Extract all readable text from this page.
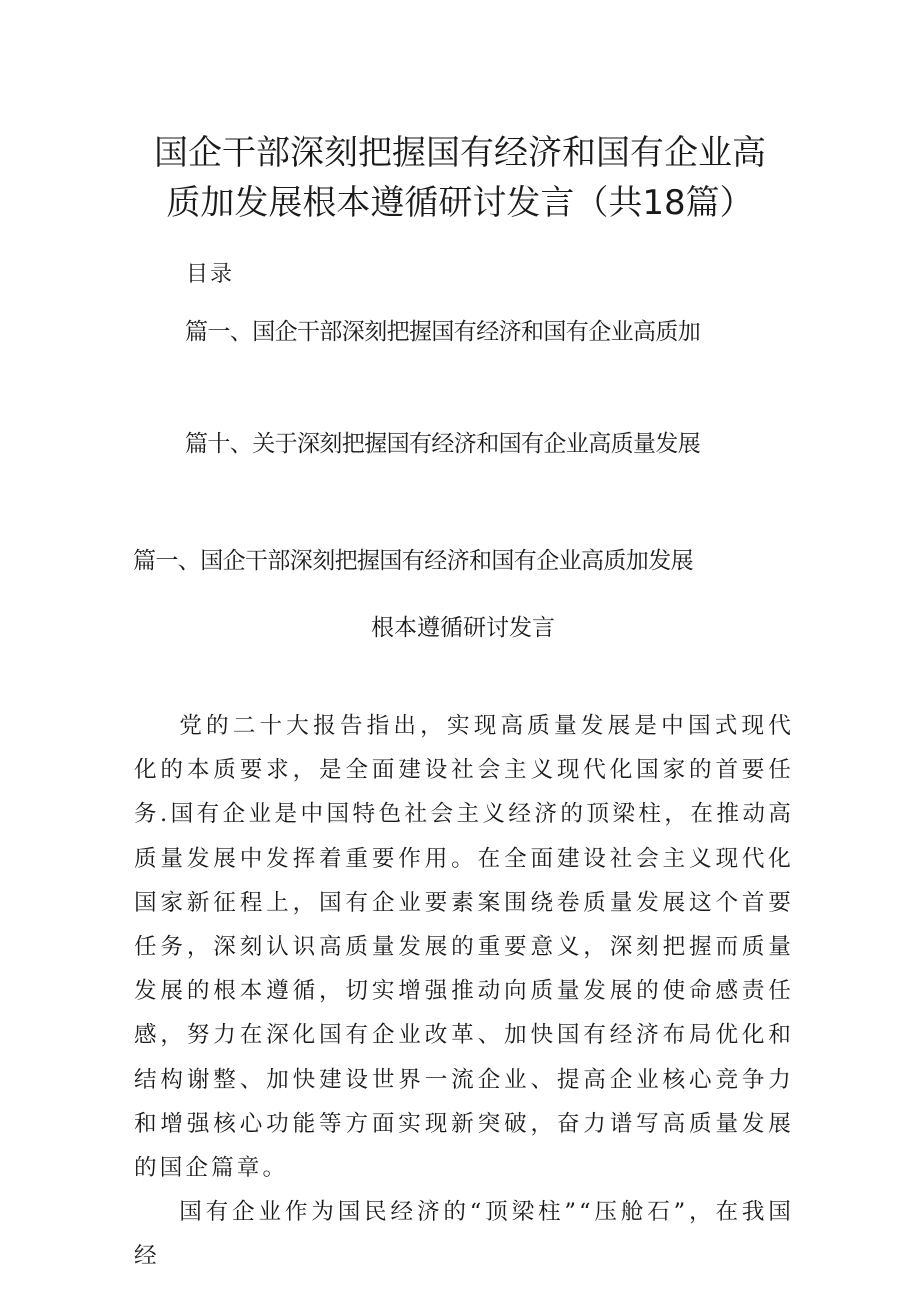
国企干部深刻把握国有经济和国有企业高
质加发展根本遵循研讨发言（共18篇）
目录
篇一、国企干部深刻把握国有经济和国有企业高质加
篇十、关于深刻把握国有经济和国有企业高质量发展
篇一、国企干部深刻把握国有经济和国有企业高质加发展
根本遵循研讨发言

党的二十大报告指出，实现高质量发展是中国式现代化的本质要求，是全面建设社会主义现代化国家的首要任务.国有企业是中国特色社会主义经济的顶梁柱，在推动高质量发展中发挥着重要作用。在全面建设社会主义现代化国家新征程上，国有企业要素案围绕卷质量发展这个首要任务，深刻认识高质量发展的重要意义，深刻把握而质量发展的根本遵循，切实增强推动向质量发展的使命感责任感，努力在深化国有企业改革、加快国有经济布局优化和结构谢整、加快建设世界一流企业、提高企业核心竞争力和增强核心功能等方面实现新突破，奋力谱写高质量发展的国企篇章。

国有企业作为国民经济的“顶梁柱”“压舱石”，在我国经
